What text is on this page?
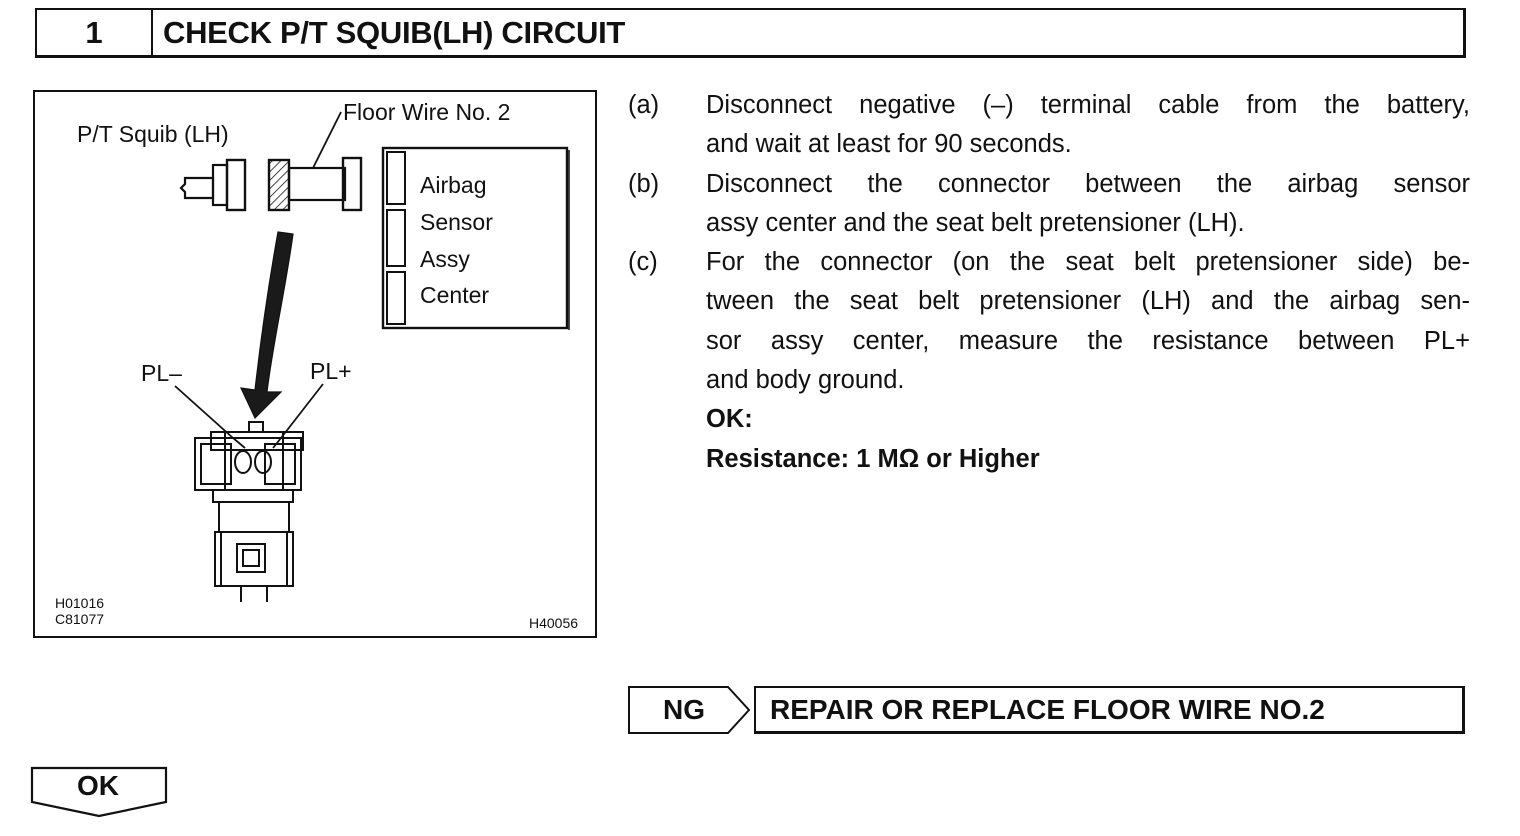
1	CHECK P/T SQUIB(LH) CIRCUIT
P/T Squib (LH)
Floor Wire No. 2
Airbag
Sensor
Assy
Center
PL–	PL+
H01016
C81077	H40056
(a)	Disconnect negative (–) terminal cable from the battery,
and wait at least for 90 seconds.
(b)	Disconnect the connector between the airbag sensor
assy center and the seat belt pretensioner (LH).
(c)	For the connector (on the seat belt pretensioner side) be-
tween the seat belt pretensioner (LH) and the airbag sen-
sor assy center, measure the resistance between PL+
and body ground.
OK:
Resistance: 1 MΩ or Higher
NG	REPAIR OR REPLACE FLOOR WIRE NO.2
OK
